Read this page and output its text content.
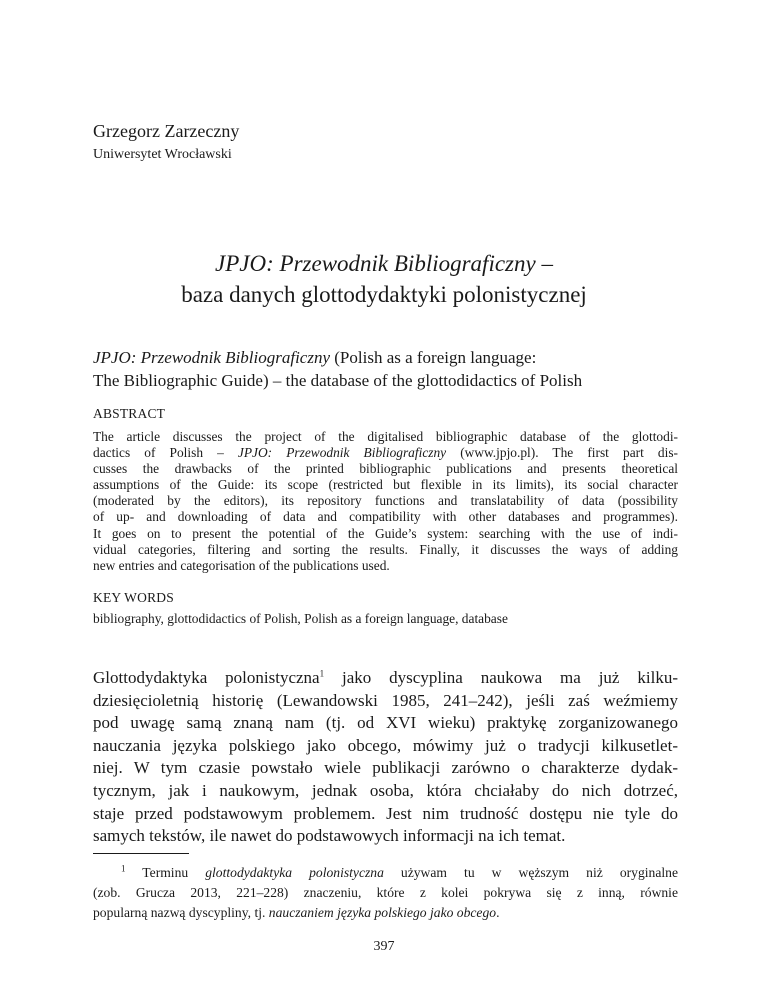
Grzegorz Zarzeczny
Uniwersytet Wrocławski
JPJO: Przewodnik Bibliograficzny –
baza danych glottodydaktyki polonistycznej
JPJO: Przewodnik Bibliograficzny (Polish as a foreign language:
The Bibliographic Guide) – the database of the glottodidactics of Polish
ABSTRACT
The article discusses the project of the digitalised bibliographic database of the glottodi-
dactics of Polish – JPJO: Przewodnik Bibliograficzny (www.jpjo.pl). The first part dis-
cusses the drawbacks of the printed bibliographic publications and presents theoretical
assumptions of the Guide: its scope (restricted but flexible in its limits), its social character
(moderated by the editors), its repository functions and translatability of data (possibility
of up- and downloading of data and compatibility with other databases and programmes).
It goes on to present the potential of the Guide’s system: searching with the use of indi-
vidual categories, filtering and sorting the results. Finally, it discusses the ways of adding
new entries and categorisation of the publications used.
KEY WORDS
bibliography, glottodidactics of Polish, Polish as a foreign language, database
Glottodydaktyka polonistyczna$^1$ jako dyscyplina naukowa ma już kilku-
dziesięcioletnią historię (Lewandowski 1985, 241–242), jeśli zaś weźmiemy
pod uwagę samą znaną nam (tj. od XVI wieku) praktykę zorganizowanego
nauczania języka polskiego jako obcego, mówimy już o tradycji kilkusetlet-
niej. W tym czasie powstało wiele publikacji zarówno o charakterze dydak-
tycznym, jak i naukowym, jednak osoba, która chciałaby do nich dotrzeć,
staje przed podstawowym problemem. Jest nim trudność dostępu nie tyle do
samych tekstów, ile nawet do podstawowych informacji na ich temat.
$^1$ Terminu glottodydaktyka polonistyczna używam tu w węższym niż oryginalne
(zob. Grucza 2013, 221–228) znaczeniu, które z kolei pokrywa się z inną, równie
popularną nazwą dyscypliny, tj. nauczaniem języka polskiego jako obcego.
397
